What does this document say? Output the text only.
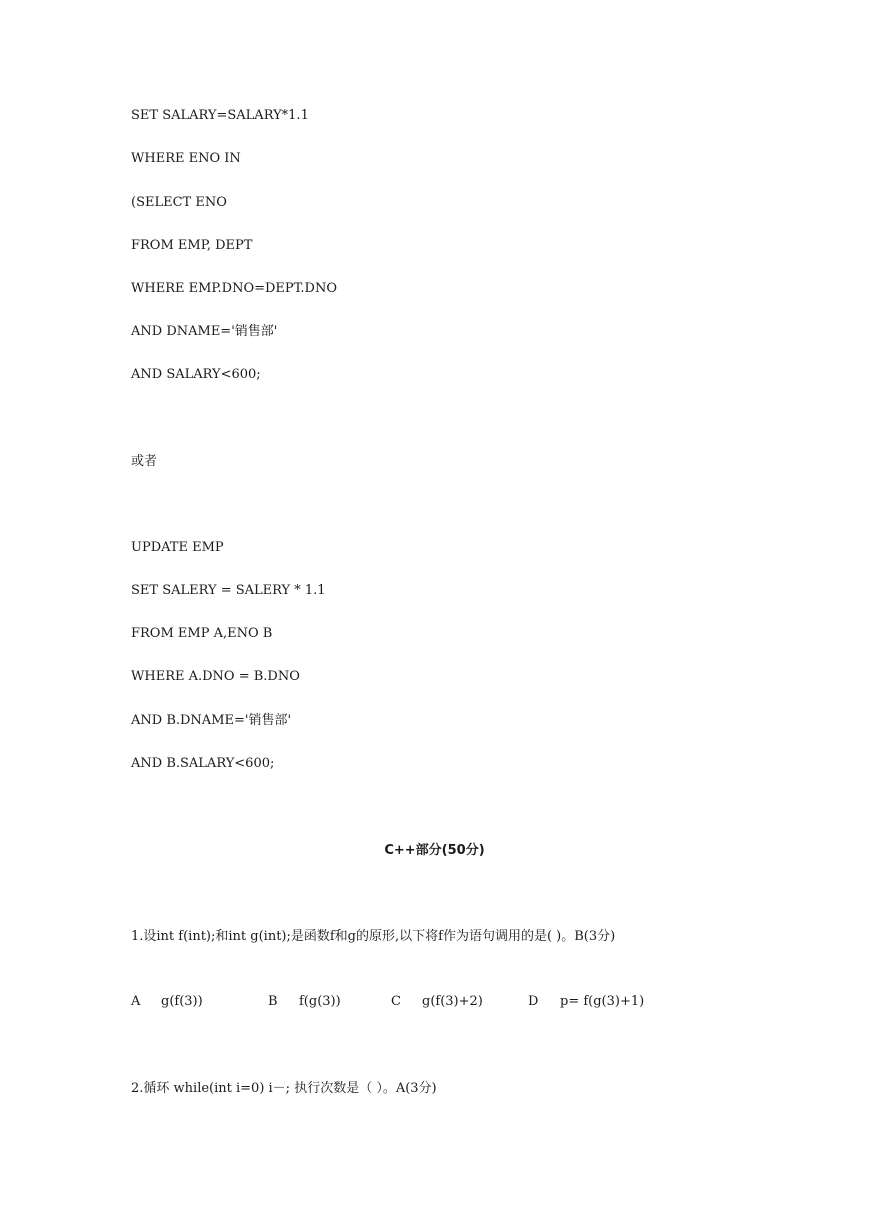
SET SALARY=SALARY*1.1
WHERE ENO IN
(SELECT ENO
FROM EMP, DEPT
WHERE EMP.DNO=DEPT.DNO
AND DNAME='销售部'
AND SALARY<600;
或者
UPDATE EMP
SET SALERY = SALERY * 1.1
FROM EMP A,ENO B
WHERE A.DNO = B.DNO
AND B.DNAME='销售部'
AND B.SALARY<600;
C++部分(50分)
1.设int f(int);和int g(int);是函数f和g的原形,以下将f作为语句调用的是( )。B(3分)
A g(f(3))	B f(g(3))	C g(f(3)+2)	D p= f(g(3)+1)
2.循环 while(int i=0) i－; 执行次数是（ ）。A(3分)
